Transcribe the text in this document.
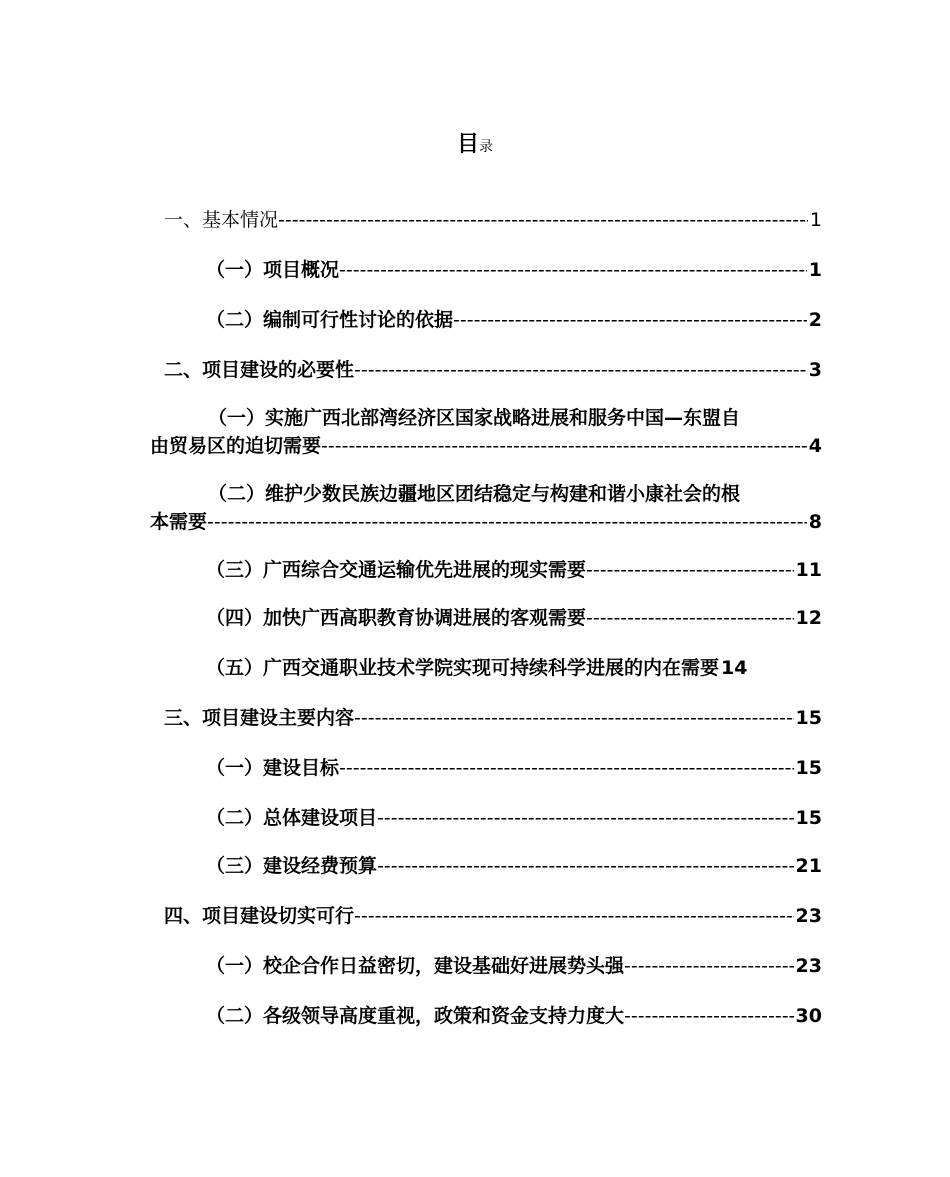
目录
一、基本情况 -----	1
（一）项目概况 -----	1
（二）编制可行性讨论的依据 -----	2
二、项目建设的必要性 -----	3
（一）实施广西北部湾经济区国家战略进展和服务中国—东盟自
由贸易区的迫切需要 -----	4
（二）维护少数民族边疆地区团结稳定与构建和谐小康社会的根
本需要 -----	8
（三）广西综合交通运输优先进展的现实需要 -----	11
（四）加快广西高职教育协调进展的客观需要 -----	12
（五）广西交通职业技术学院实现可持续科学进展的内在需要 14
三、项目建设主要内容 -----	15
（一）建设目标 -----	15
（二）总体建设项目 -----	15
（三）建设经费预算 -----	21
四、项目建设切实可行 -----	23
（一）校企合作日益密切，建设基础好进展势头强 -----	23
（二）各级领导高度重视，政策和资金支持力度大 -----	30
